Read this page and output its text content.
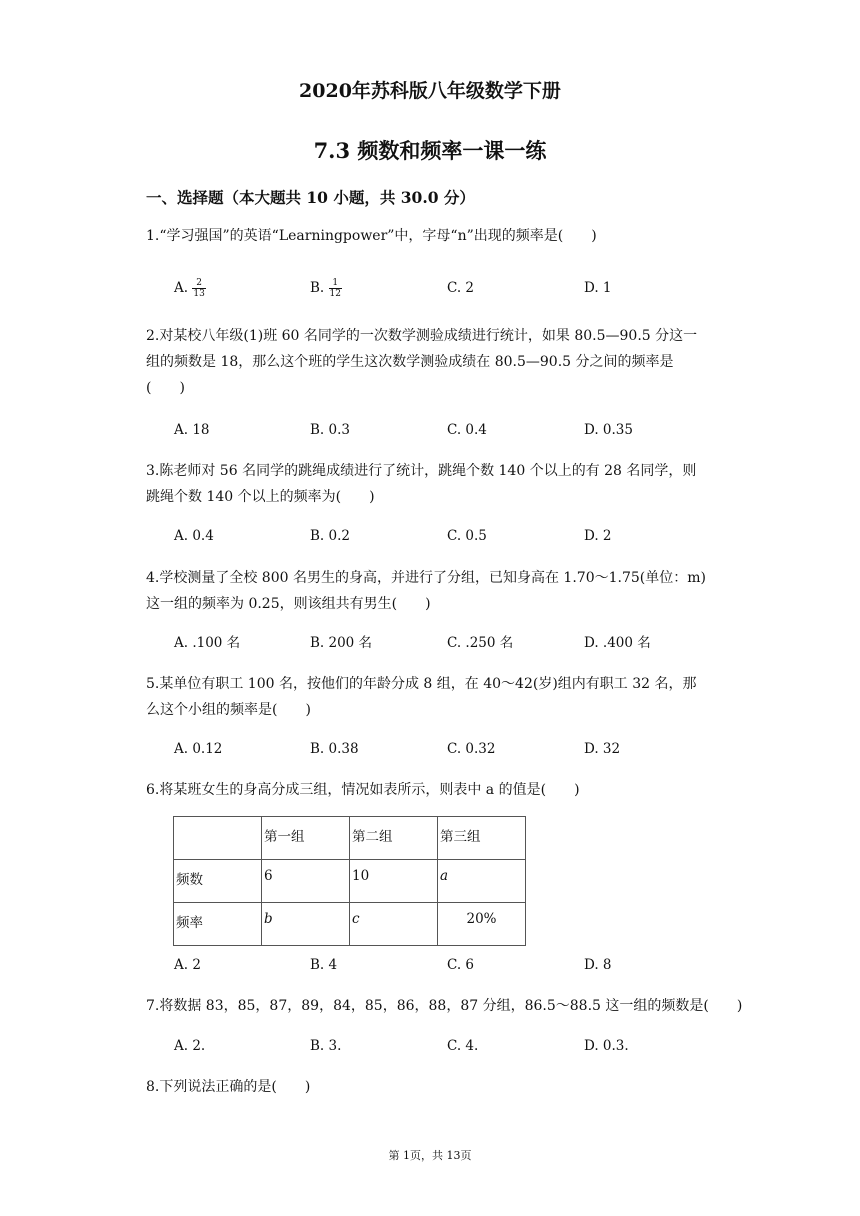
2020年苏科版八年级数学下册
7.3 频数和频率一课一练
一、选择题（本大题共 10 小题，共 30.0 分）
1.“学习强国”的英语“Learningpower”中，字母“n”出现的频率是(　　)
A. $\frac{2}{13}$	B. $\frac{1}{12}$	C. 2	D. 1
2.对某校八年级(1)班 60 名同学的一次数学测验成绩进行统计，如果 80.5—90.5 分这一
组的频数是 18，那么这个班的学生这次数学测验成绩在 80.5—90.5 分之间的频率是
(　　)
A. 18	B. 0.3	C. 0.4	D. 0.35
3.陈老师对 56 名同学的跳绳成绩进行了统计，跳绳个数 140 个以上的有 28 名同学，则
跳绳个数 140 个以上的频率为(　　)
A. 0.4	B. 0.2	C. 0.5	D. 2
4.学校测量了全校 800 名男生的身高，并进行了分组，已知身高在 1.70～1.75(单位：m)
这一组的频率为 0.25，则该组共有男生(　　)
A. .100 名	B. 200 名	C. .250 名	D. .400 名
5.某单位有职工 100 名，按他们的年龄分成 8 组，在 40～42(岁)组内有职工 32 名，那
么这个小组的频率是(　　)
A. 0.12	B. 0.38	C. 0.32	D. 32
6.将某班女生的身高分成三组，情况如表所示，则表中 a 的值是(　　)
	第一组	第二组	第三组
频数	6	10	a
频率	b	c	20%
A. 2	B. 4	C. 6	D. 8
7.将数据 83，85，87，89，84，85，86，88，87 分组，86.5～88.5 这一组的频数是(　　)
A. 2.	B. 3.	C. 4.	D. 0.3.
8.下列说法正确的是(　　)
第 1页，共 13页
